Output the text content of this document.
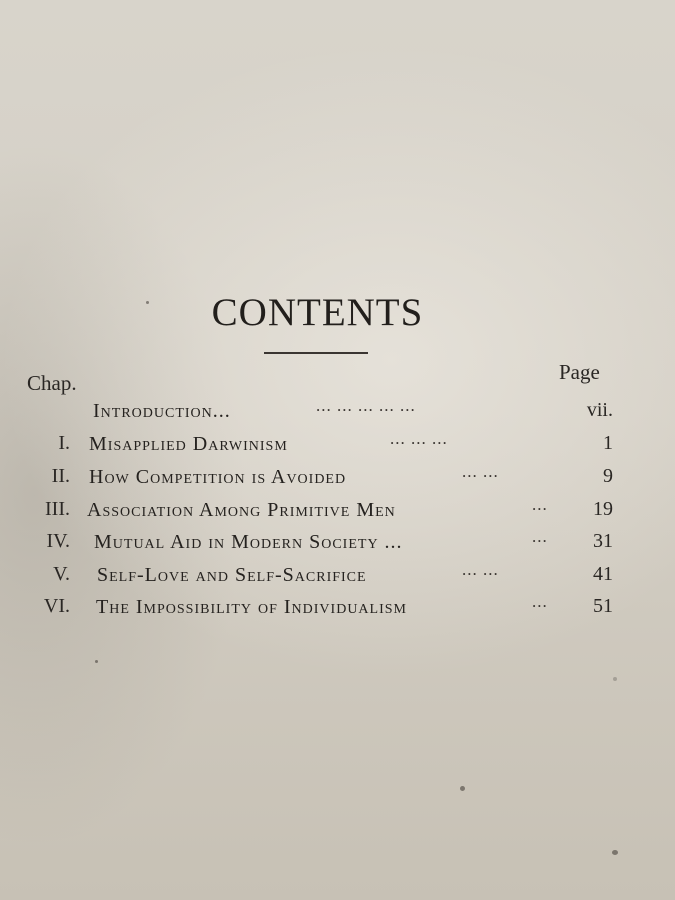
CONTENTS
Chap.	Page
Introduction...	... ... ... ... ...	vii.
I. Misapplied Darwinism	... ... ...	1
II. How Competition is Avoided	... ...	9
III. Association Among Primitive Men	... 19
IV. Mutual Aid in Modern Society ...	... 31
V. Self-Love and Self-Sacrifice	... ...	41
VI. The Impossibility of Individualism	... 51
